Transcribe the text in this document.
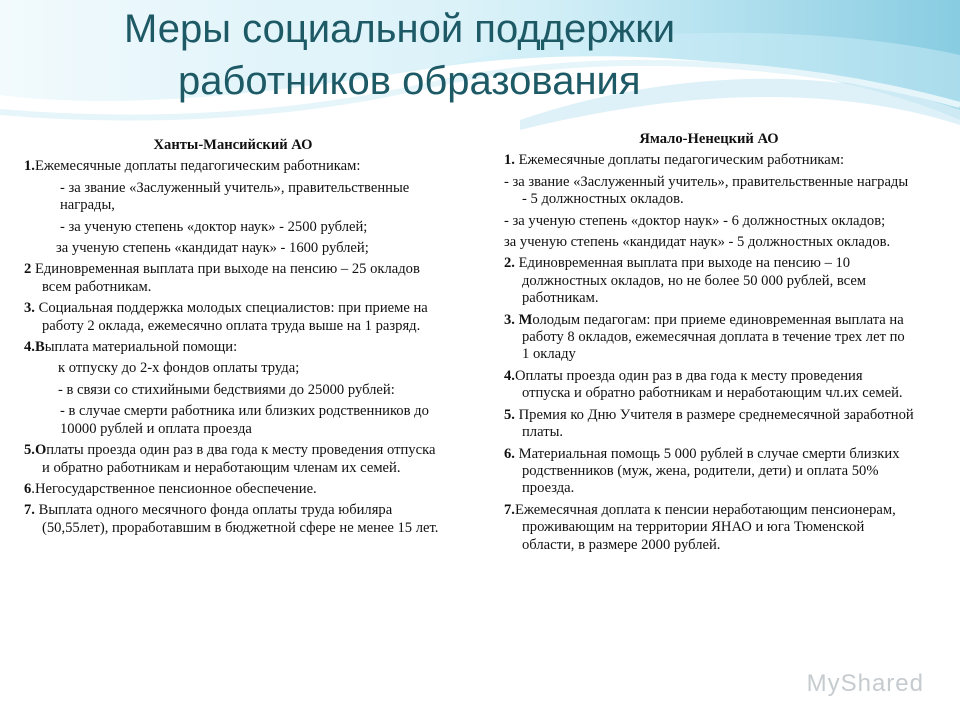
Меры социальной поддержки
работников образования
Ханты-Мансийский АО
1.Ежемесячные доплаты педагогическим работникам:
- за звание «Заслуженный учитель», правительственные награды,
- за ученую степень «доктор наук» - 2500 рублей;
за ученую степень «кандидат наук» - 1600 рублей;
2 Единовременная выплата при выходе на пенсию – 25 окладов всем работникам.
3. Социальная поддержка молодых специалистов: при приеме на работу 2 оклада, ежемесячно оплата труда выше на 1 разряд.
4.Выплата материальной помощи:
к отпуску до 2-х фондов оплаты труда;
- в связи со стихийными бедствиями до 25000 рублей:
- в случае смерти работника или близких родственников до 10000 рублей и оплата проезда
5.Оплаты проезда один раз в два года к месту проведения отпуска и обратно работникам и неработающим членам их семей.
6.Негосударственное пенсионное обеспечение.
7. Выплата одного месячного фонда оплаты труда юбиляра (50,55лет), проработавшим в бюджетной сфере не менее 15 лет.
Ямало-Ненецкий АО
1. Ежемесячные доплаты педагогическим работникам:
- за звание «Заслуженный учитель», правительственные награды - 5 должностных окладов.
- за ученую степень «доктор наук» - 6 должностных окладов;
за ученую степень «кандидат наук» - 5 должностных окладов.
2. Единовременная выплата при выходе на пенсию – 10 должностных окладов, но не более 50 000 рублей, всем работникам.
3. Молодым педагогам: при приеме единовременная выплата на работу 8 окладов, ежемесячная доплата в течение трех лет по 1 окладу
4.Оплаты проезда один раз в два года к месту проведения отпуска и обратно работникам и неработающим чл.их семей.
5. Премия ко Дню Учителя в размере среднемесячной заработной платы.
6. Материальная помощь 5 000 рублей в случае смерти близких родственников (муж, жена, родители, дети) и оплата 50% проезда.
7.Ежемесячная доплата к пенсии неработающим пенсионерам, проживающим на территории ЯНАО и юга Тюменской области, в размере 2000 рублей.
MyShared
